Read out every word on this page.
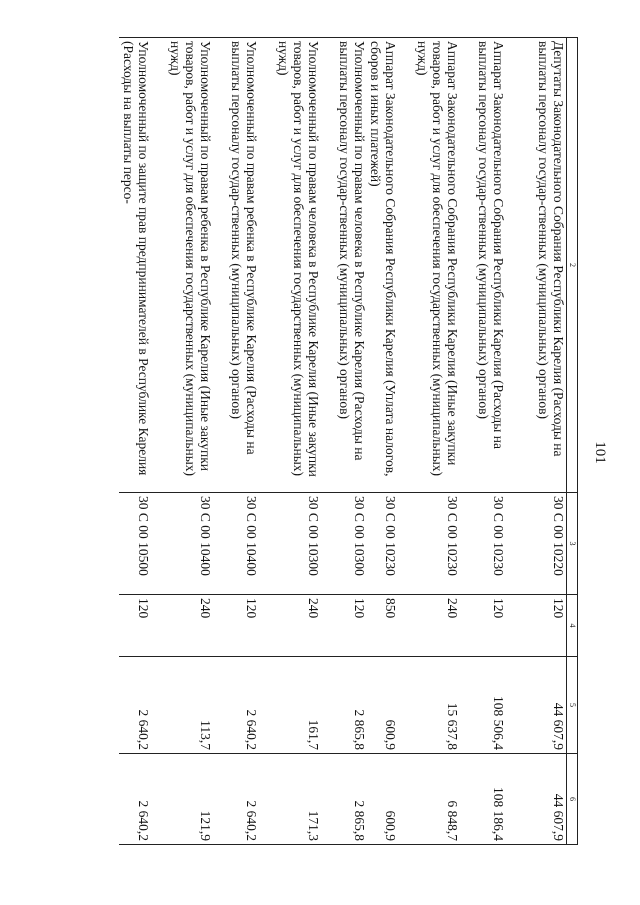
101
2	3	4	5	6
Депутаты Законодательного Собрания Республики Карелия (Расходы на выплаты персоналу государ-ственных (муниципальных) органов)	30 С 00 10220	120	44 607,9	44 607,9
Аппарат Законодательного Собрания Республики Карелия (Расходы на выплаты персоналу государ-ственных (муниципальных) органов)	30 С 00 10230	120	108 506,4	108 186,4
Аппарат Законодательного Собрания Республики Карелия (Иные закупки товаров, работ и услуг для обеспечения государственных (муниципальных) нужд)	30 С 00 10230	240	15 637,8	6 848,7
Аппарат Законодательного Собрания Республики Карелия (Уплата налогов, сборов и иных платежей)	30 С 00 10230	850	600,9	600,9
Уполномоченный по правам человека в Республике Карелия (Расходы на выплаты персоналу государ-ственных (муниципальных) органов)	30 С 00 10300	120	2 865,8	2 865,8
Уполномоченный по правам человека в Республике Карелия (Иные закупки товаров, работ и услуг для обеспечения государственных (муниципальных) нужд)	30 С 00 10300	240	161,7	171,3
Уполномоченный по правам ребенка в Республике Карелия (Расходы на выплаты персоналу государ-ственных (муниципальных) органов)	30 С 00 10400	120	2 640,2	2 640,2
Уполномоченный по правам ребенка в Республике Карелия (Иные закупки товаров, работ и услуг для обеспечения государственных (муниципальных) нужд)	30 С 00 10400	240	113,7	121,9
Уполномоченный по защите прав предпринимателей в Республике Карелия (Расходы на выплаты персо-	30 С 00 10500	120	2 640,2	2 640,2
